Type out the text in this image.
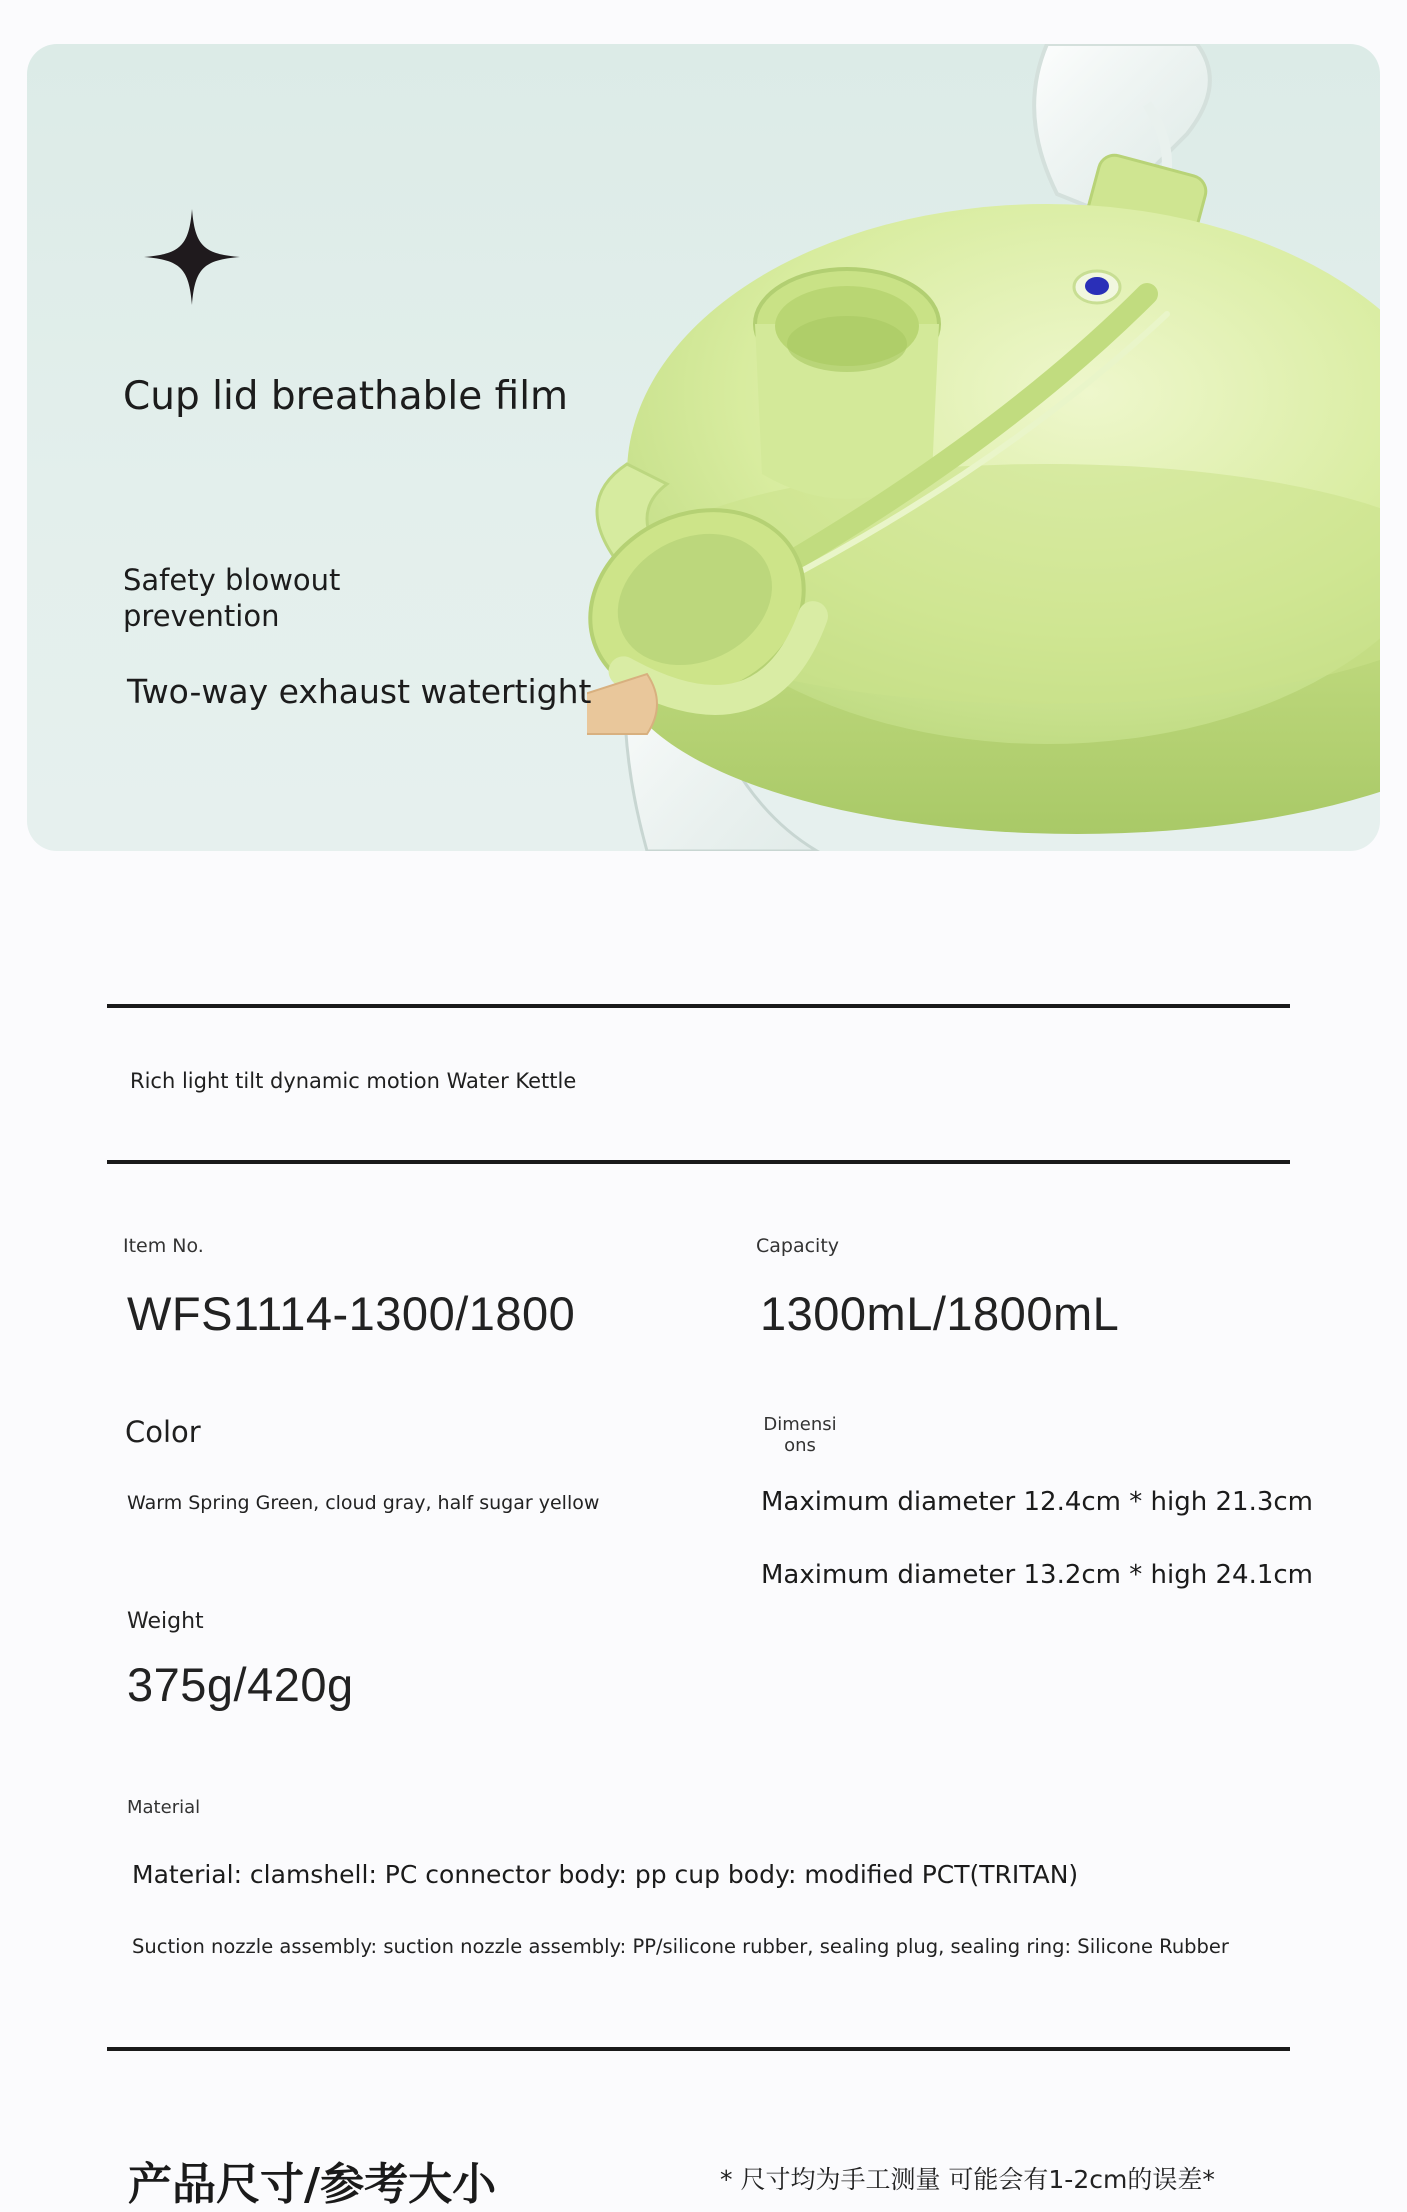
Cup lid breathable film

Safety blowout
prevention

Two-way exhaust watertight

Rich light tilt dynamic motion Water Kettle

Item No.

WFS1114-1300/1800

Capacity

1300mL/1800mL

Color

Warm Spring Green, cloud gray, half sugar yellow

Dimensions

Maximum diameter 12.4cm * high 21.3cm

Maximum diameter 13.2cm * high 24.1cm

Weight

375g/420g

Material

Material: clamshell: PC connector body: pp cup body: modified PCT(TRITAN)

Suction nozzle assembly: suction nozzle assembly: PP/silicone rubber, sealing plug, sealing ring: Silicone Rubber

产品尺寸/参考大小	* 尺寸均为手工测量 可能会有1-2cm的误差*
